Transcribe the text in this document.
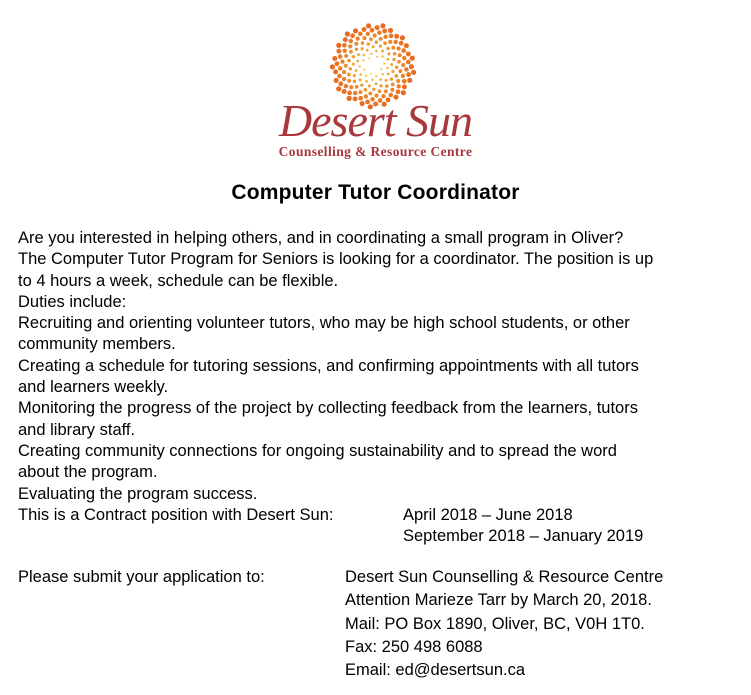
Desert Sun
Counselling & Resource Centre
Computer Tutor Coordinator
Are you interested in helping others, and in coordinating a small program in Oliver?
The Computer Tutor Program for Seniors is looking for a coordinator. The position is up
to 4 hours a week, schedule can be flexible.
Duties include:
Recruiting and orienting volunteer tutors, who may be high school students, or other
community members.
Creating a schedule for tutoring sessions, and confirming appointments with all tutors
and learners weekly.
Monitoring the progress of the project by collecting feedback from the learners, tutors
and library staff.
Creating community connections for ongoing sustainability and to spread the word
about the program.
Evaluating the program success.
This is a Contract position with Desert Sun:	April 2018 – June 2018
September 2018 – January 2019
Please submit your application to:	Desert Sun Counselling & Resource Centre
Attention Marieze Tarr by March 20, 2018.
Mail: PO Box 1890, Oliver, BC, V0H 1T0.
Fax: 250 498 6088
Email: ed@desertsun.ca
